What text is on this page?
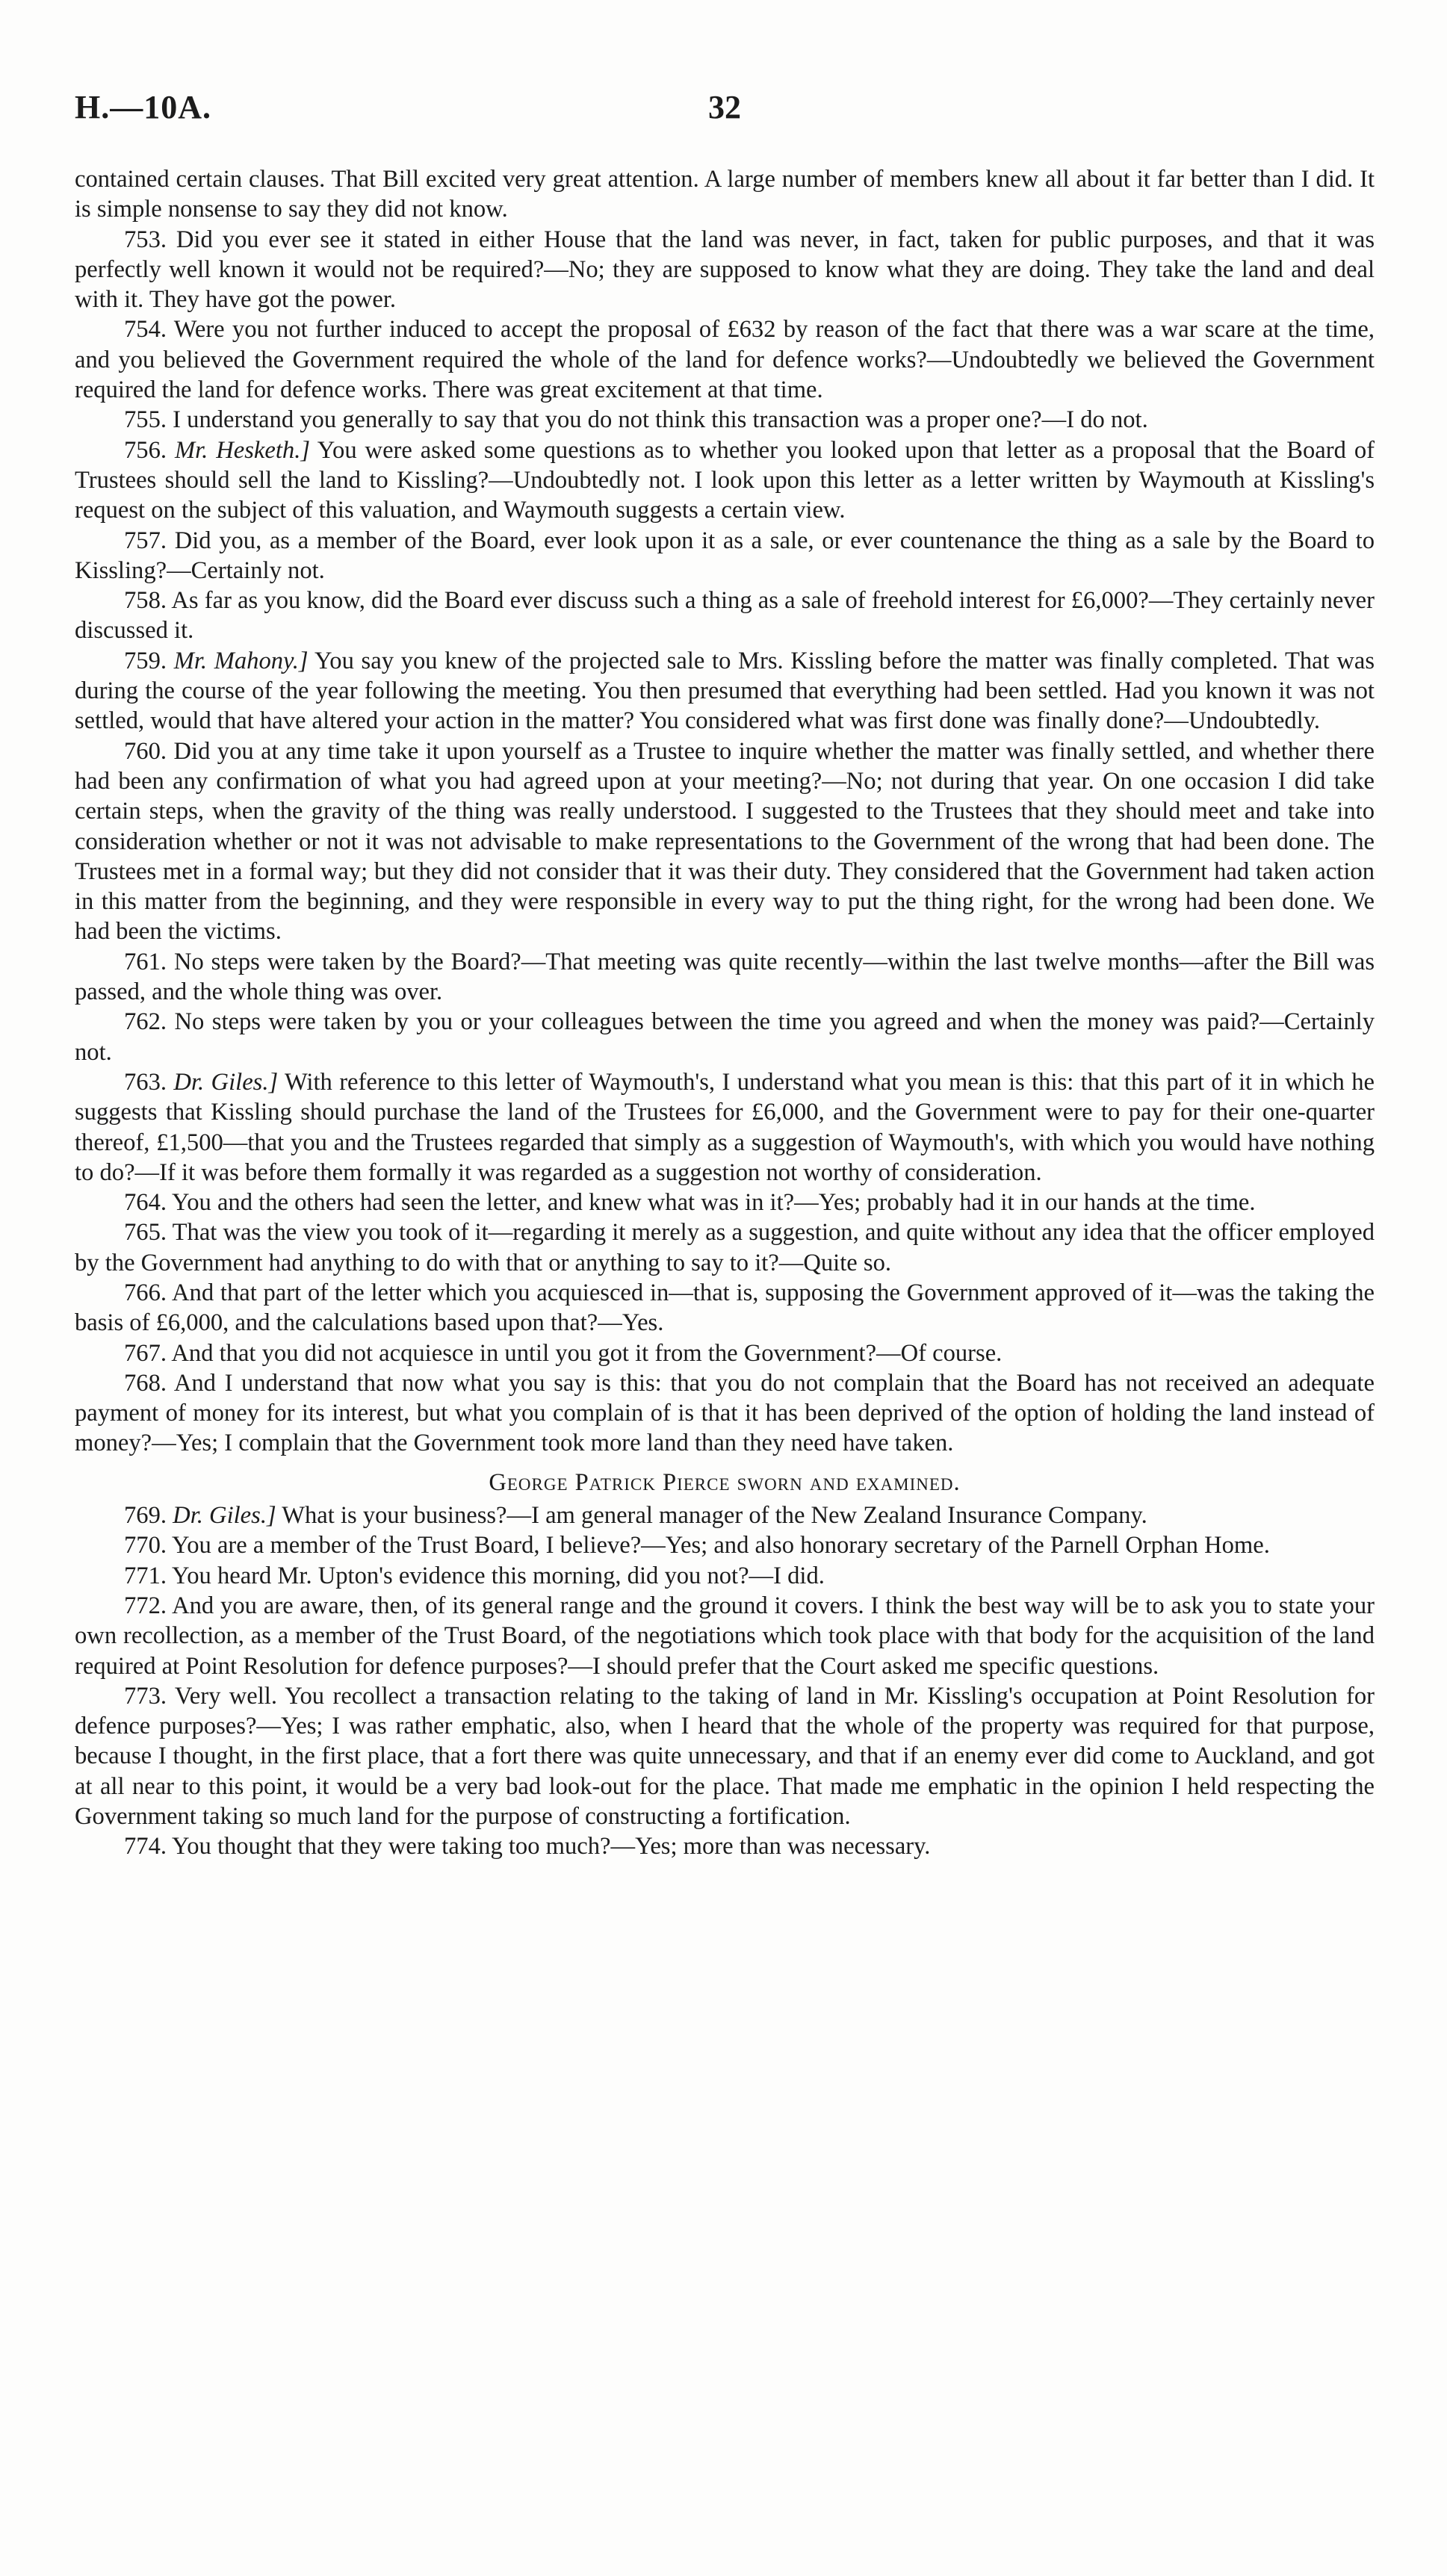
H.—10A.	32

contained certain clauses. That Bill excited very great attention. A large number of members knew all about it far better than I did. It is simple nonsense to say they did not know.

753. Did you ever see it stated in either House that the land was never, in fact, taken for public purposes, and that it was perfectly well known it would not be required?—No; they are supposed to know what they are doing. They take the land and deal with it. They have got the power.

754. Were you not further induced to accept the proposal of £632 by reason of the fact that there was a war scare at the time, and you believed the Government required the whole of the land for defence works?—Undoubtedly we believed the Government required the land for defence works. There was great excitement at that time.

755. I understand you generally to say that you do not think this transaction was a proper one?—I do not.

756. Mr. Hesketh.] You were asked some questions as to whether you looked upon that letter as a proposal that the Board of Trustees should sell the land to Kissling?—Undoubtedly not. I look upon this letter as a letter written by Waymouth at Kissling's request on the subject of this valuation, and Waymouth suggests a certain view.

757. Did you, as a member of the Board, ever look upon it as a sale, or ever countenance the thing as a sale by the Board to Kissling?—Certainly not.

758. As far as you know, did the Board ever discuss such a thing as a sale of freehold interest for £6,000?—They certainly never discussed it.

759. Mr. Mahony.] You say you knew of the projected sale to Mrs. Kissling before the matter was finally completed. That was during the course of the year following the meeting. You then presumed that everything had been settled. Had you known it was not settled, would that have altered your action in the matter? You considered what was first done was finally done?—Undoubtedly.

760. Did you at any time take it upon yourself as a Trustee to inquire whether the matter was finally settled, and whether there had been any confirmation of what you had agreed upon at your meeting?—No; not during that year. On one occasion I did take certain steps, when the gravity of the thing was really understood. I suggested to the Trustees that they should meet and take into consideration whether or not it was not advisable to make representations to the Government of the wrong that had been done. The Trustees met in a formal way; but they did not consider that it was their duty. They considered that the Government had taken action in this matter from the beginning, and they were responsible in every way to put the thing right, for the wrong had been done. We had been the victims.

761. No steps were taken by the Board?—That meeting was quite recently—within the last twelve months—after the Bill was passed, and the whole thing was over.

762. No steps were taken by you or your colleagues between the time you agreed and when the money was paid?—Certainly not.

763. Dr. Giles.] With reference to this letter of Waymouth's, I understand what you mean is this: that this part of it in which he suggests that Kissling should purchase the land of the Trustees for £6,000, and the Government were to pay for their one-quarter thereof, £1,500—that you and the Trustees regarded that simply as a suggestion of Waymouth's, with which you would have nothing to do?—If it was before them formally it was regarded as a suggestion not worthy of consideration.

764. You and the others had seen the letter, and knew what was in it?—Yes; probably had it in our hands at the time.

765. That was the view you took of it—regarding it merely as a suggestion, and quite without any idea that the officer employed by the Government had anything to do with that or anything to say to it?—Quite so.

766. And that part of the letter which you acquiesced in—that is, supposing the Government approved of it—was the taking the basis of £6,000, and the calculations based upon that?—Yes.

767. And that you did not acquiesce in until you got it from the Government?—Of course.

768. And I understand that now what you say is this: that you do not complain that the Board has not received an adequate payment of money for its interest, but what you complain of is that it has been deprived of the option of holding the land instead of money?—Yes; I complain that the Government took more land than they need have taken.

George Patrick Pierce sworn and examined.

769. Dr. Giles.] What is your business?—I am general manager of the New Zealand Insurance Company.

770. You are a member of the Trust Board, I believe?—Yes; and also honorary secretary of the Parnell Orphan Home.

771. You heard Mr. Upton's evidence this morning, did you not?—I did.

772. And you are aware, then, of its general range and the ground it covers. I think the best way will be to ask you to state your own recollection, as a member of the Trust Board, of the negotiations which took place with that body for the acquisition of the land required at Point Resolution for defence purposes?—I should prefer that the Court asked me specific questions.

773. Very well. You recollect a transaction relating to the taking of land in Mr. Kissling's occupation at Point Resolution for defence purposes?—Yes; I was rather emphatic, also, when I heard that the whole of the property was required for that purpose, because I thought, in the first place, that a fort there was quite unnecessary, and that if an enemy ever did come to Auckland, and got at all near to this point, it would be a very bad look-out for the place. That made me emphatic in the opinion I held respecting the Government taking so much land for the purpose of constructing a fortification.

774. You thought that they were taking too much?—Yes; more than was necessary.
